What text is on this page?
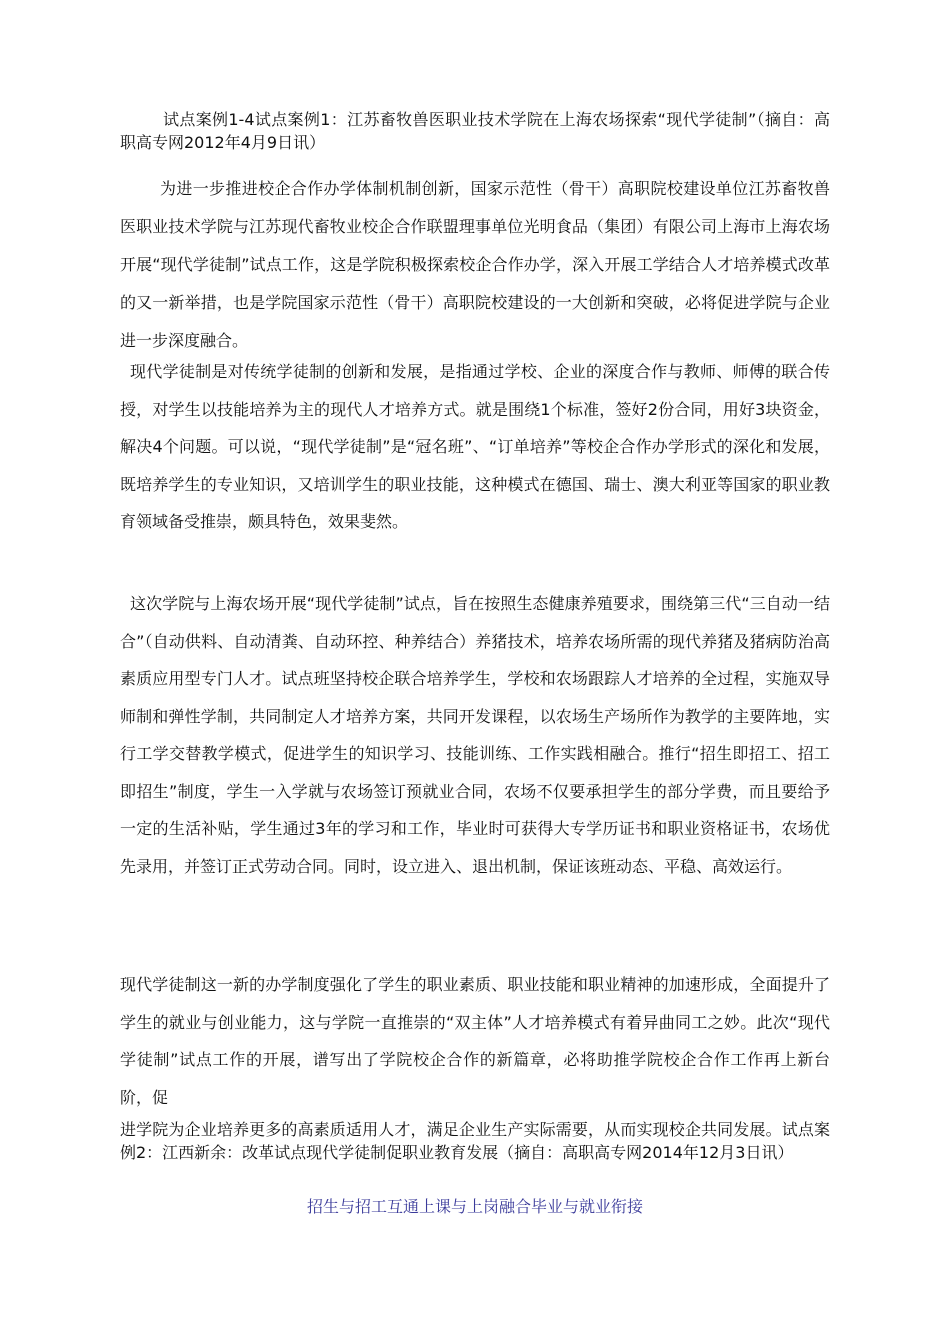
试点案例1-4试点案例1：江苏畜牧兽医职业技术学院在上海农场探索“现代学徒制”（摘自：高职高专网2012年4月9日讯）

为进一步推进校企合作办学体制机制创新，国家示范性（骨干）高职院校建设单位江苏畜牧兽医职业技术学院与江苏现代畜牧业校企合作联盟理事单位光明食品（集团）有限公司上海市上海农场开展“现代学徒制”试点工作，这是学院积极探索校企合作办学，深入开展工学结合人才培养模式改革的又一新举措，也是学院国家示范性（骨干）高职院校建设的一大创新和突破，必将促进学院与企业进一步深度融合。

现代学徒制是对传统学徒制的创新和发展，是指通过学校、企业的深度合作与教师、师傅的联合传授，对学生以技能培养为主的现代人才培养方式。就是围绕1个标准，签好2份合同，用好3块资金，解决4个问题。可以说，“现代学徒制”是“冠名班”、“订单培养”等校企合作办学形式的深化和发展，既培养学生的专业知识，又培训学生的职业技能，这种模式在德国、瑞士、澳大利亚等国家的职业教育领域备受推崇，颇具特色，效果斐然。

这次学院与上海农场开展“现代学徒制”试点，旨在按照生态健康养殖要求，围绕第三代“三自动一结合”（自动供料、自动清粪、自动环控、种养结合）养猪技术，培养农场所需的现代养猪及猪病防治高素质应用型专门人才。试点班坚持校企联合培养学生，学校和农场跟踪人才培养的全过程，实施双导师制和弹性学制，共同制定人才培养方案，共同开发课程，以农场生产场所作为教学的主要阵地，实行工学交替教学模式，促进学生的知识学习、技能训练、工作实践相融合。推行“招生即招工、招工即招生”制度，学生一入学就与农场签订预就业合同，农场不仅要承担学生的部分学费，而且要给予一定的生活补贴，学生通过3年的学习和工作，毕业时可获得大专学历证书和职业资格证书，农场优先录用，并签订正式劳动合同。同时，设立进入、退出机制，保证该班动态、平稳、高效运行。

现代学徒制这一新的办学制度强化了学生的职业素质、职业技能和职业精神的加速形成，全面提升了学生的就业与创业能力，这与学院一直推崇的“双主体”人才培养模式有着异曲同工之妙。此次“现代学徒制”试点工作的开展，谱写出了学院校企合作的新篇章，必将助推学院校企合作工作再上新台阶，促

进学院为企业培养更多的高素质适用人才，满足企业生产实际需要，从而实现校企共同发展。试点案例2：江西新余：改革试点现代学徒制促职业教育发展（摘自：高职高专网2014年12月3日讯）

招生与招工互通上课与上岗融合毕业与就业衔接
